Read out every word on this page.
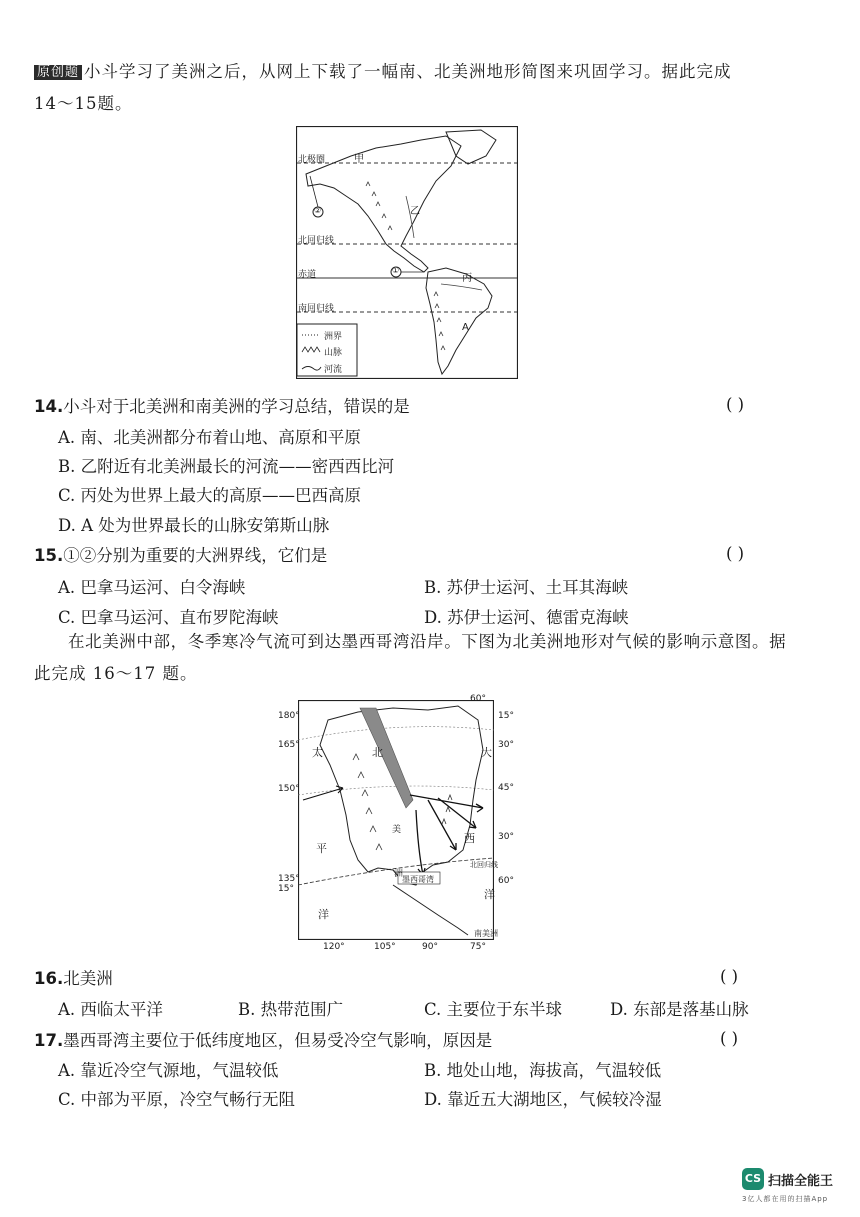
原创题 小斗学习了美洲之后，从网上下载了一幅南、北美洲地形简图来巩固学习。据此完成
14～15题。
北极圈
北回归线
赤道
南回归线
甲
乙
丙
A
①
②
洲界
山脉
河流
14.小斗对于北美洲和南美洲的学习总结，错误的是	( )
A. 南、北美洲都分布着山地、高原和平原
B. 乙附近有北美洲最长的河流——密西西比河
C. 丙处为世界上最大的高原——巴西高原
D. A 处为世界最长的山脉安第斯山脉
15.①②分别为重要的大洲界线，它们是	( )
A. 巴拿马运河、白令海峡	B. 苏伊士运河、土耳其海峡
C. 巴拿马运河、直布罗陀海峡	D. 苏伊士运河、德雷克海峡
在北美洲中部，冬季寒冷气流可到达墨西哥湾沿岸。下图为北美洲地形对气候的影响示意图。据
此完成 16～17 题。
60°
180°
165°
150°
135°
15°
15°
30°
45°
30°
60°
120°	105°	90°	75°
太
平
洋
大
西
洋
北
美
洲
北回归线
墨西哥湾
南美洲
16.北美洲	( )
A. 西临太平洋	B. 热带范围广	C. 主要位于东半球	D. 东部是落基山脉
17.墨西哥湾主要位于低纬度地区，但易受冷空气影响，原因是	( )
A. 靠近冷空气源地，气温较低	B. 地处山地，海拔高，气温较低
C. 中部为平原，冷空气畅行无阻	D. 靠近五大湖地区，气候较冷湿
CS 扫描全能王
3亿人都在用的扫描App
